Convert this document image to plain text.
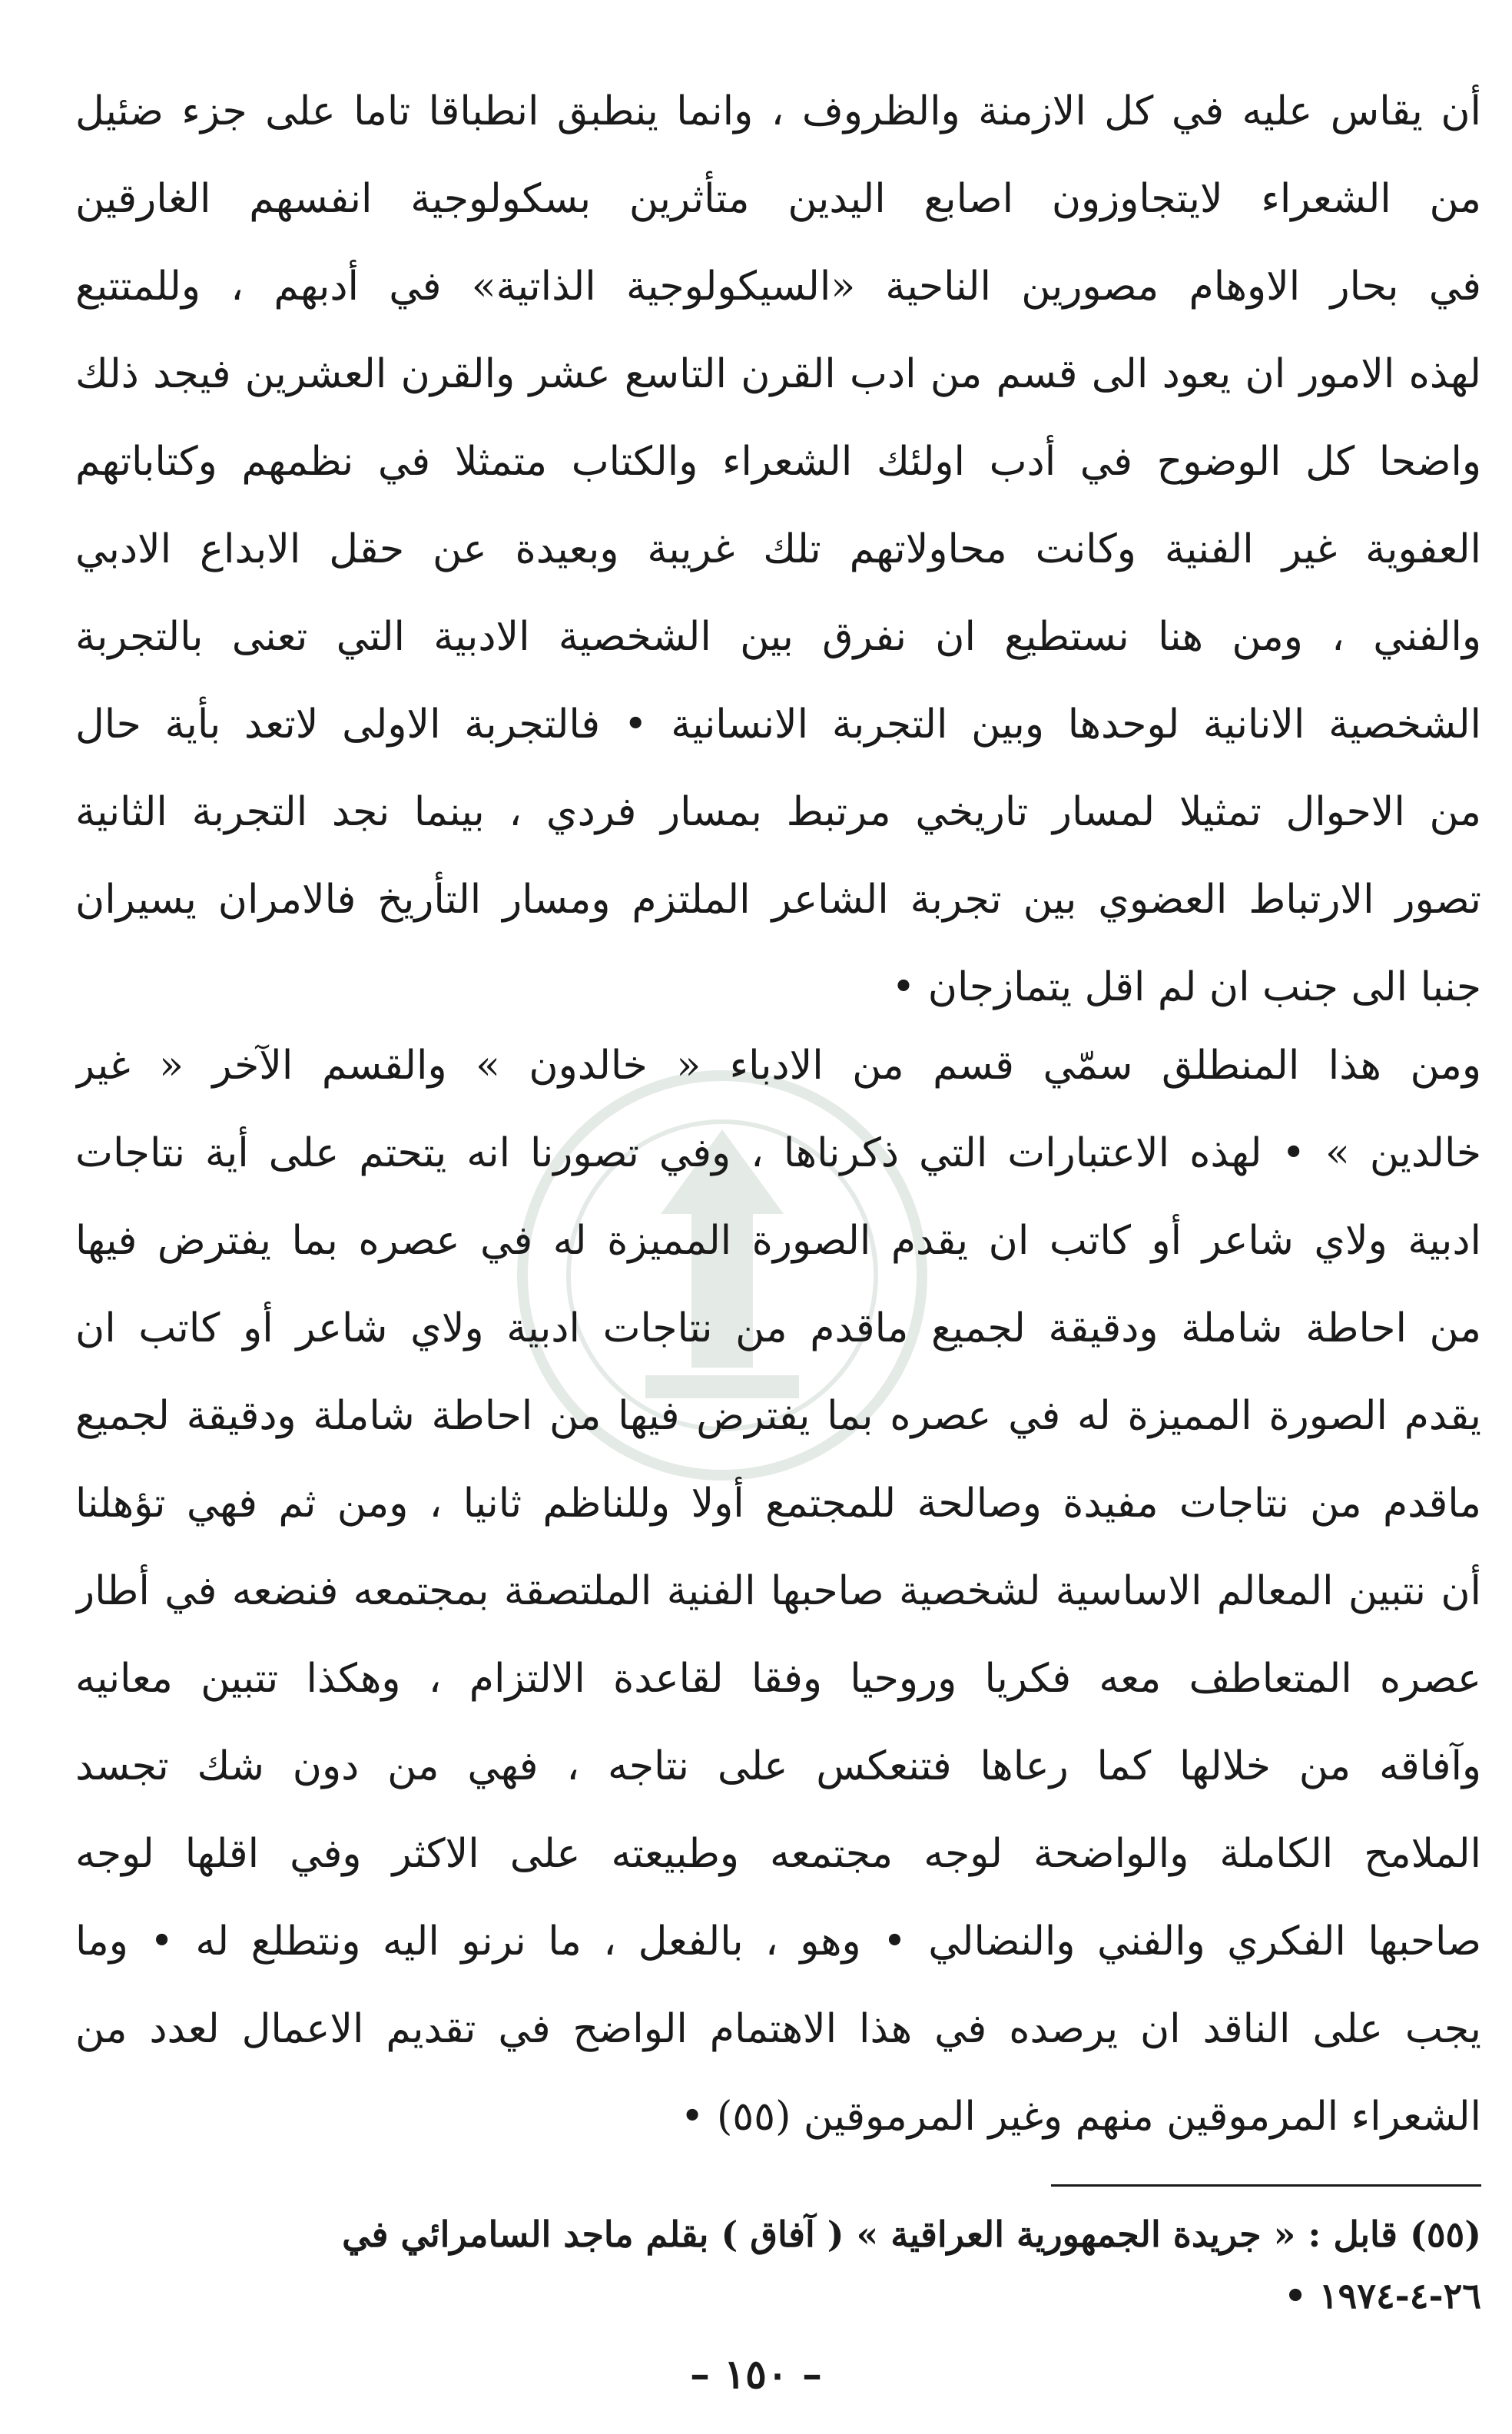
أن يقاس عليه في كل الازمنة والظروف ، وانما ينطبق انطباقا تاما على جزء ضئيل
من الشعراء لايتجاوزون اصابع اليدين متأثرين بسكولوجية انفسهم الغارقين
في بحار الاوهام مصورين الناحية «السيكولوجية الذاتية» في أدبهم ، وللمتتبع
لهذه الامور ان يعود الى قسم من ادب القرن التاسع عشر والقرن العشرين فيجد ذلك
واضحا كل الوضوح في أدب اولئك الشعراء والكتاب متمثلا في نظمهم وكتاباتهم
العفوية غير الفنية وكانت محاولاتهم تلك غريبة وبعيدة عن حقل الابداع الادبي
والفني ، ومن هنا نستطيع ان نفرق بين الشخصية الادبية التي تعنى بالتجربة
الشخصية الانانية لوحدها وبين التجربة الانسانية • فالتجربة الاولى لاتعد بأية حال
من الاحوال تمثيلا لمسار تاريخي مرتبط بمسار فردي ، بينما نجد التجربة الثانية
تصور الارتباط العضوي بين تجربة الشاعر الملتزم ومسار التأريخ فالامران يسيران
جنبا الى جنب ان لم اقل يتمازجان •
ومن هذا المنطلق سمّي قسم من الادباء « خالدون » والقسم الآخر « غير
خالدين » • لهذه الاعتبارات التي ذكرناها ، وفي تصورنا انه يتحتم على أية نتاجات
ادبية ولاي شاعر أو كاتب ان يقدم الصورة المميزة له في عصره بما يفترض فيها
من احاطة شاملة ودقيقة لجميع ماقدم من نتاجات ادبية ولاي شاعر أو كاتب ان
يقدم الصورة المميزة له في عصره بما يفترض فيها من احاطة شاملة ودقيقة لجميع
ماقدم من نتاجات مفيدة وصالحة للمجتمع أولا وللناظم ثانيا ، ومن ثم فهي تؤهلنا
أن نتبين المعالم الاساسية لشخصية صاحبها الفنية الملتصقة بمجتمعه فنضعه في أطار
عصره المتعاطف معه فكريا وروحيا وفقا لقاعدة الالتزام ، وهكذا تتبين معانيه
وآفاقه من خلالها كما رعاها فتنعكس على نتاجه ، فهي من دون شك تجسد
الملامح الكاملة والواضحة لوجه مجتمعه وطبيعته على الاكثر وفي اقلها لوجه
صاحبها الفكري والفني والنضالي • وهو ، بالفعل ، ما نرنو اليه ونتطلع له • وما
يجب على الناقد ان يرصده في هذا الاهتمام الواضح في تقديم الاعمال لعدد من
الشعراء المرموقين منهم وغير المرموقين (٥٥) •
(٥٥) قابل : « جريدة الجمهورية العراقية » ( آفاق ) بقلم ماجد السامرائي في
٢٦-٤-١٩٧٤ •
– ١٥٠ –
